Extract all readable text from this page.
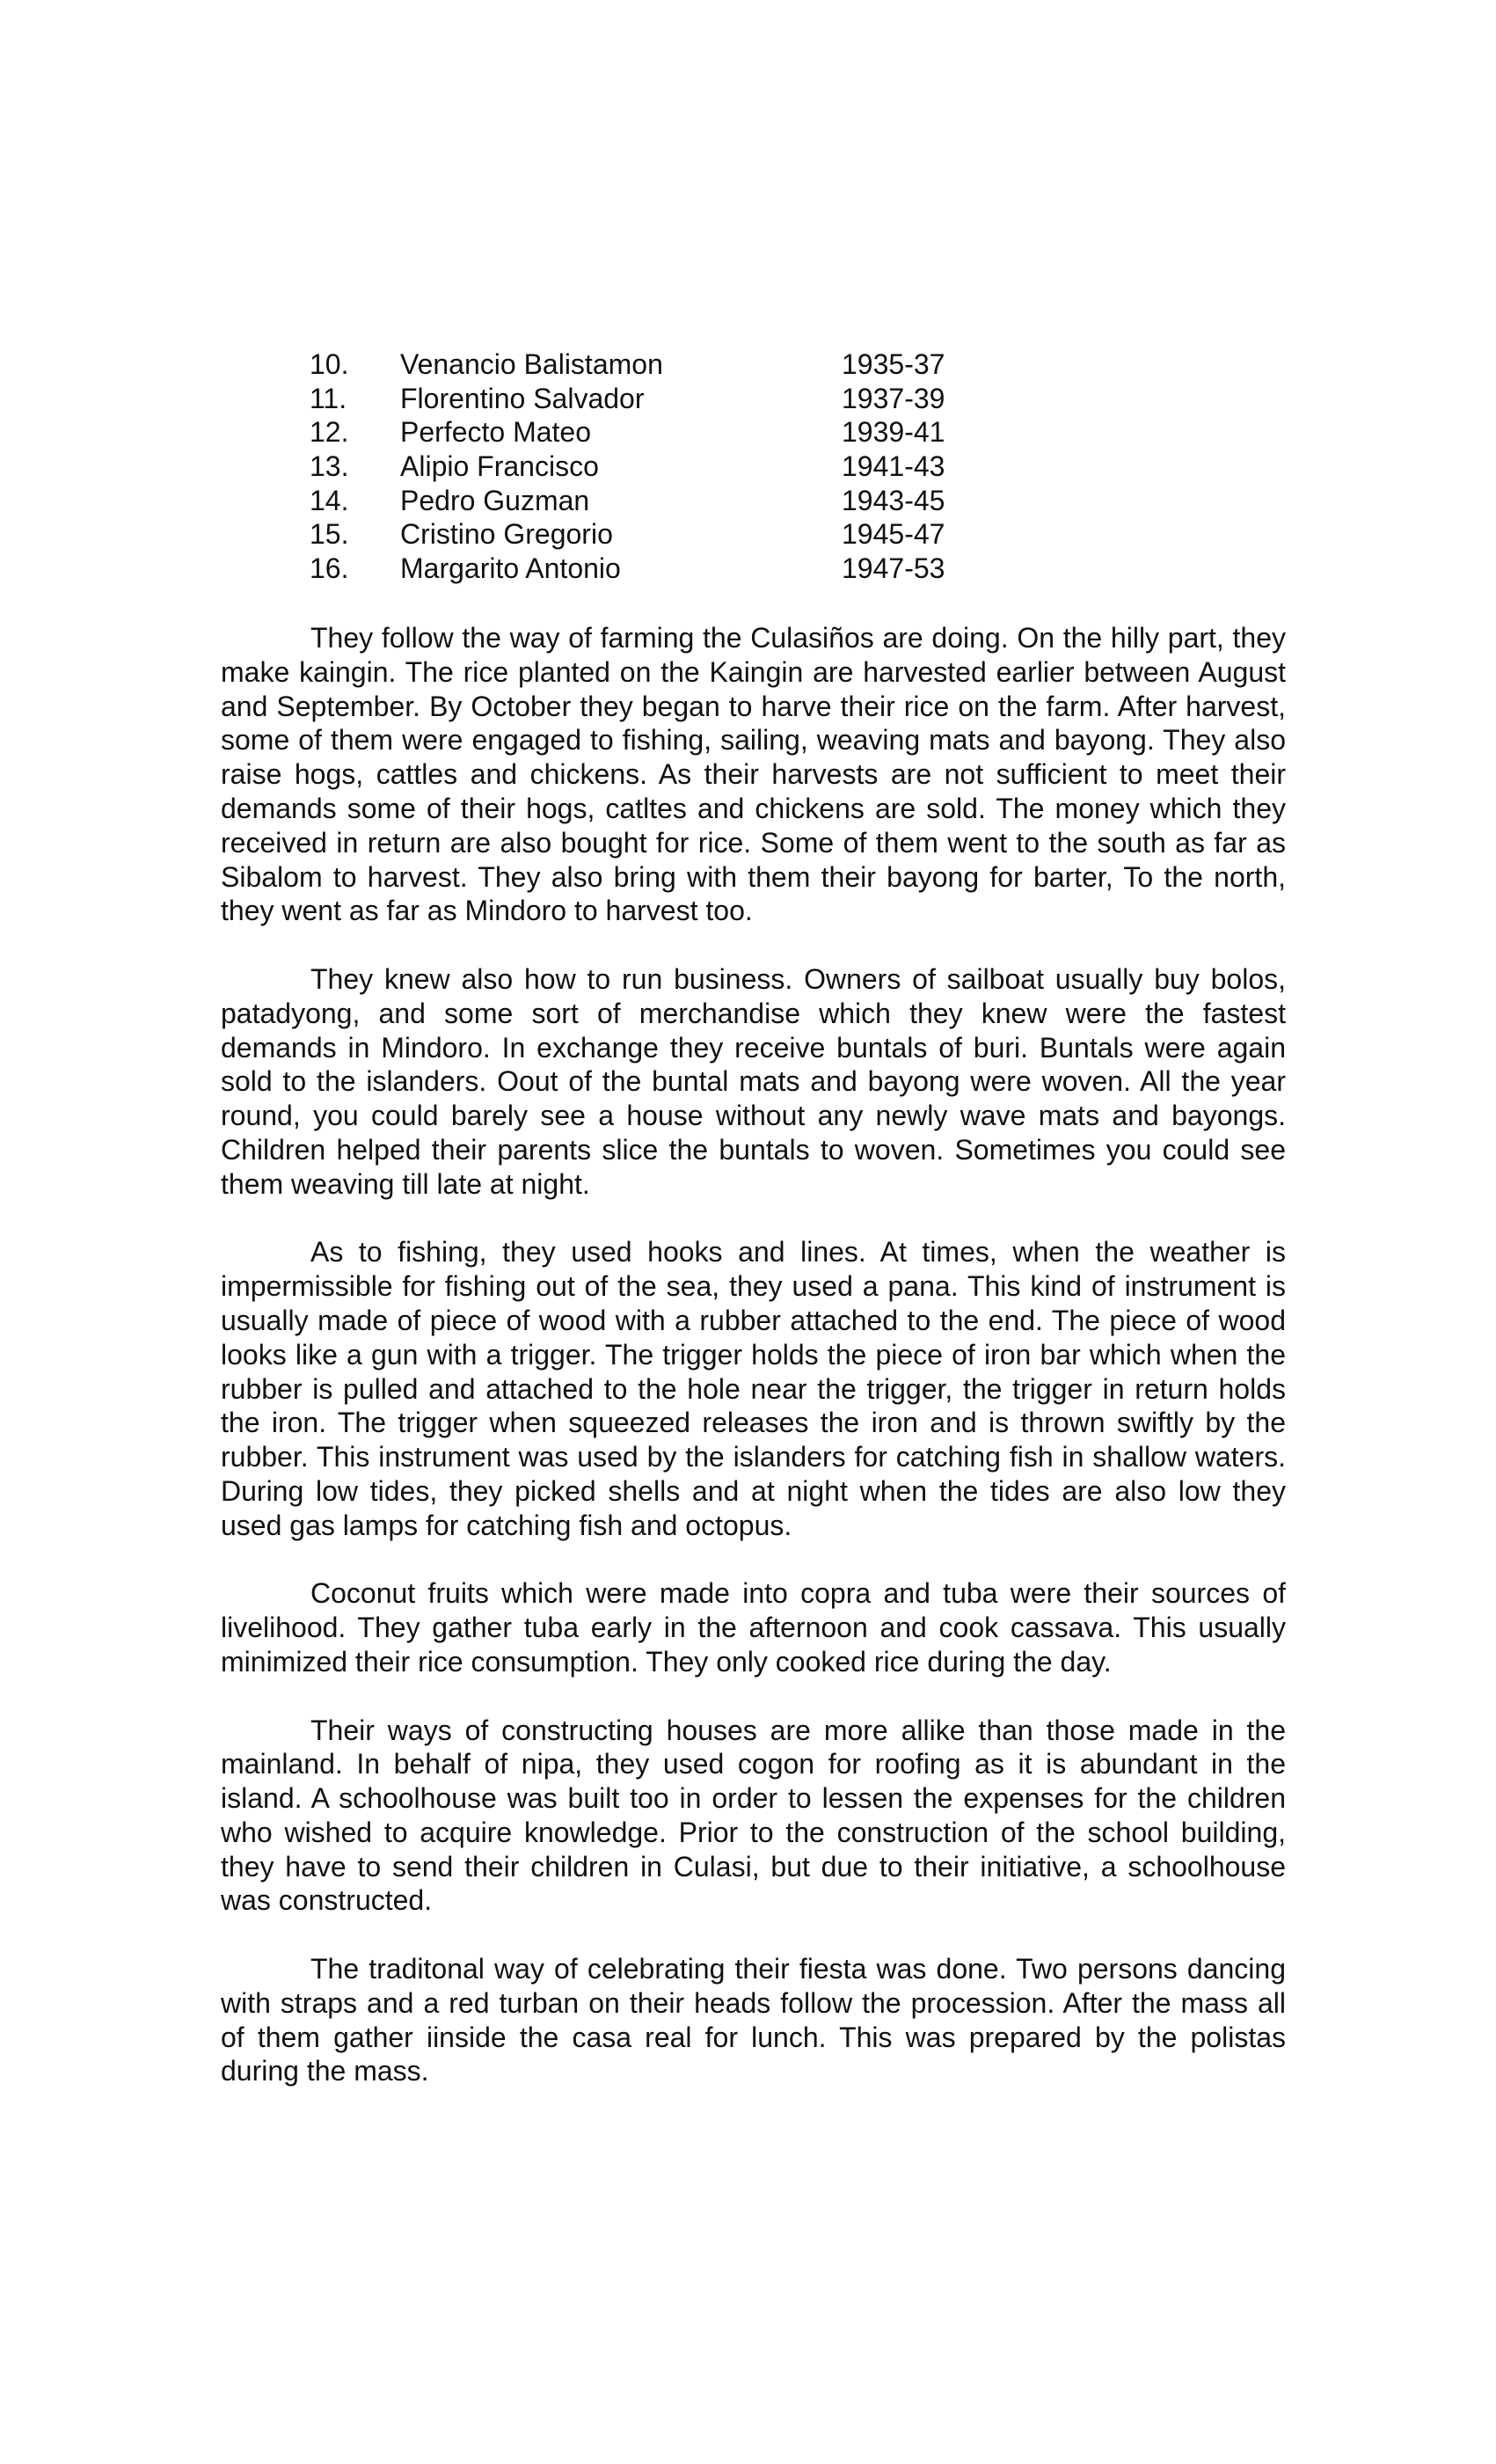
10. Venancio Balistamon	1935-37
11. Florentino Salvador	1937-39
12. Perfecto Mateo	1939-41
13. Alipio Francisco	1941-43
14. Pedro Guzman	1943-45
15. Cristino Gregorio	1945-47
16. Margarito Antonio	1947-53

They follow the way of farming the Culasiños are doing. On the hilly part, they make kaingin. The rice planted on the Kaingin are harvested earlier between August and September. By October they began to harve their rice on the farm. After harvest, some of them were engaged to fishing, sailing, weaving mats and bayong. They also raise hogs, cattles and chickens. As their harvests are not sufficient to meet their demands some of their hogs, catltes and chickens are sold. The money which they received in return are also bought for rice. Some of them went to the south as far as Sibalom to harvest. They also bring with them their bayong for barter, To the north, they went as far as Mindoro to harvest too.

They knew also how to run business. Owners of sailboat usually buy bolos, patadyong, and some sort of merchandise which they knew were the fastest demands in Mindoro. In exchange they receive buntals of buri. Buntals were again sold to the islanders. Oout of the buntal mats and bayong were woven. All the year round, you could barely see a house without any newly wave mats and bayongs. Children helped their parents slice the buntals to woven. Sometimes you could see them weaving till late at night.

As to fishing, they used hooks and lines. At times, when the weather is impermissible for fishing out of the sea, they used a pana. This kind of instrument is usually made of piece of wood with a rubber attached to the end. The piece of wood looks like a gun with a trigger. The trigger holds the piece of iron bar which when the rubber is pulled and attached to the hole near the trigger, the trigger in return holds the iron. The trigger when squeezed releases the iron and is thrown swiftly by the rubber. This instrument was used by the islanders for catching fish in shallow waters. During low tides, they picked shells and at night when the tides are also low they used gas lamps for catching fish and octopus.

Coconut fruits which were made into copra and tuba were their sources of livelihood. They gather tuba early in the afternoon and cook cassava. This usually minimized their rice consumption. They only cooked rice during the day.

Their ways of constructing houses are more allike than those made in the mainland. In behalf of nipa, they used cogon for roofing as it is abundant in the island. A schoolhouse was built too in order to lessen the expenses for the children who wished to acquire knowledge. Prior to the construction of the school building, they have to send their children in Culasi, but due to their initiative, a schoolhouse was constructed.

The traditonal way of celebrating their fiesta was done. Two persons dancing with straps and a red turban on their heads follow the procession. After the mass all of them gather iinside the casa real for lunch. This was prepared by the polistas during the mass.
